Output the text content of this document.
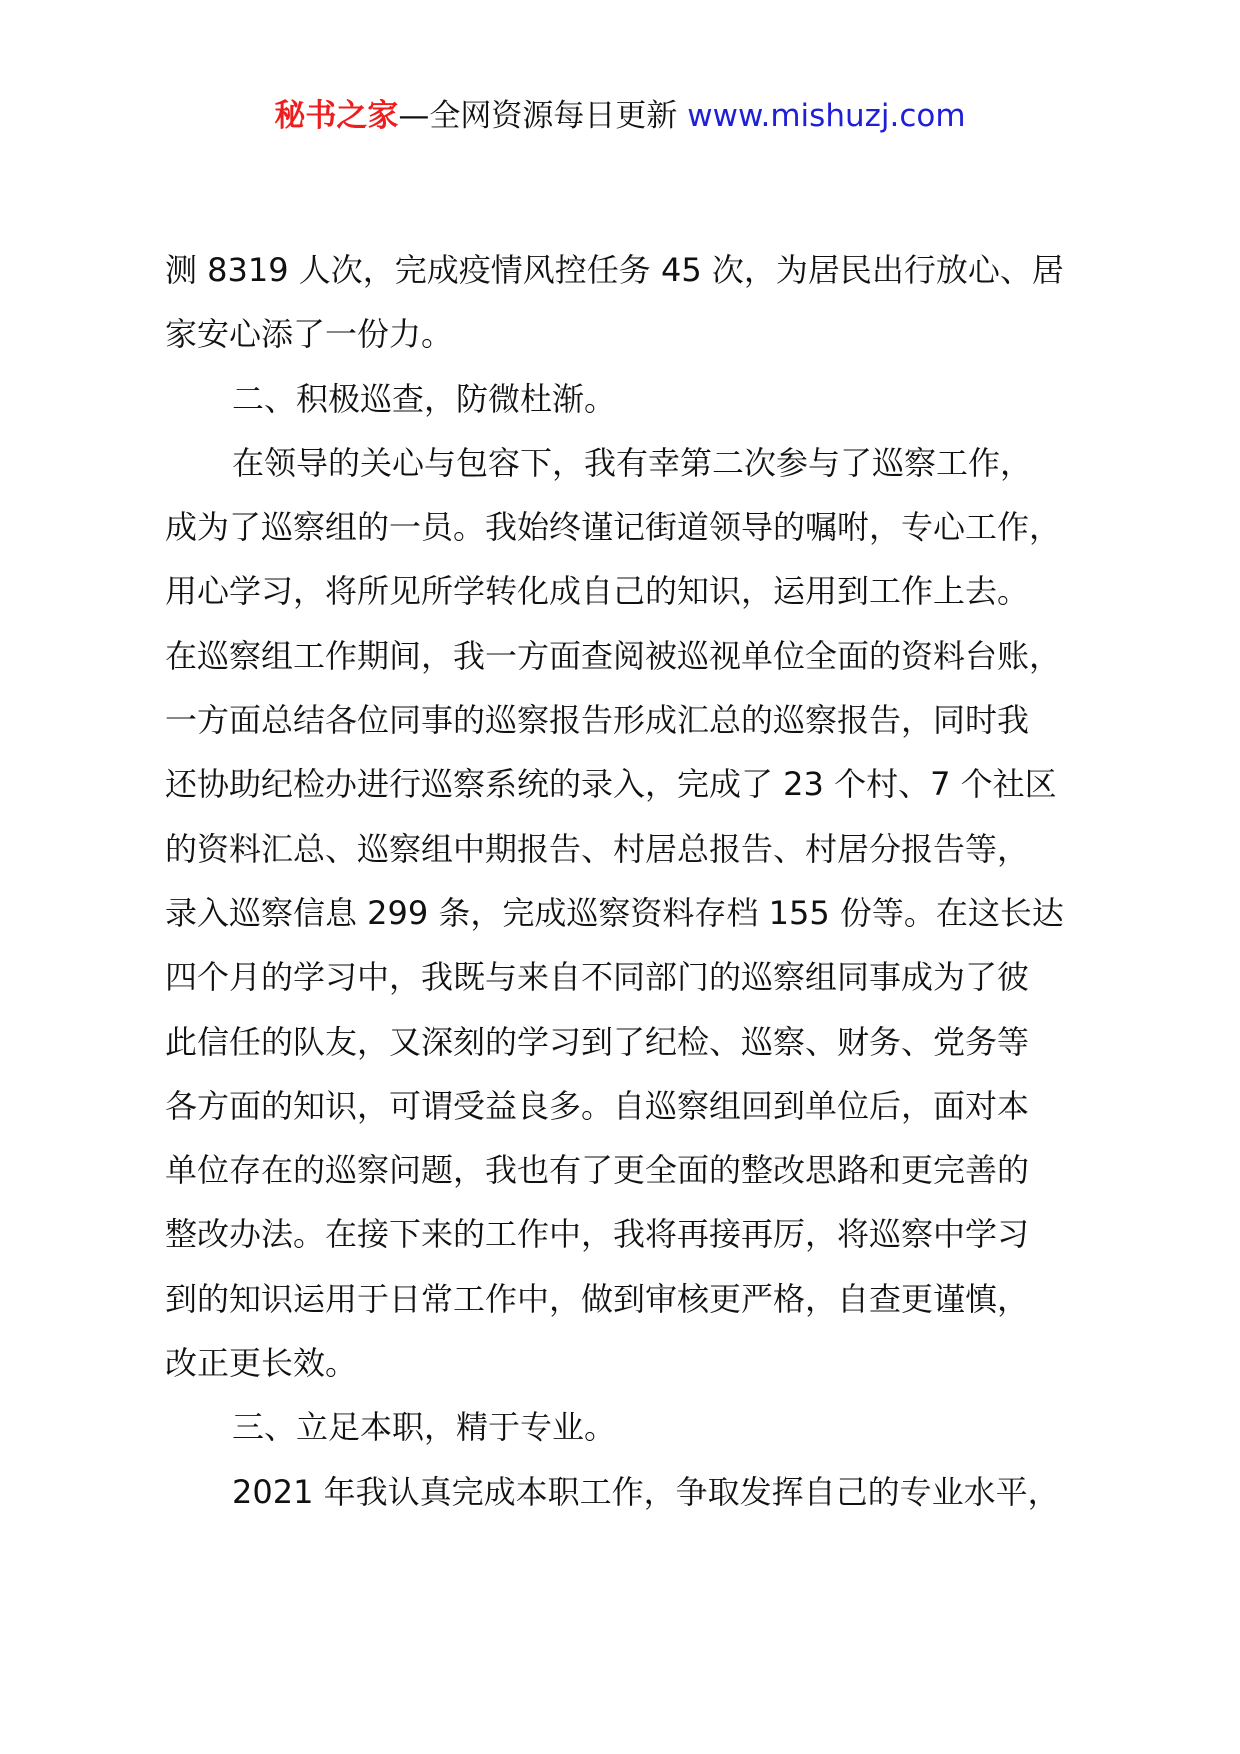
秘书之家—全网资源每日更新 www.mishuzj.com
测 8319 人次，完成疫情风控任务 45 次，为居民出行放心、居
家安心添了一份力。
二、积极巡查，防微杜渐。
在领导的关心与包容下，我有幸第二次参与了巡察工作，
成为了巡察组的一员。我始终谨记街道领导的嘱咐，专心工作，
用心学习，将所见所学转化成自己的知识，运用到工作上去。
在巡察组工作期间，我一方面查阅被巡视单位全面的资料台账，
一方面总结各位同事的巡察报告形成汇总的巡察报告，同时我
还协助纪检办进行巡察系统的录入，完成了 23 个村、7 个社区
的资料汇总、巡察组中期报告、村居总报告、村居分报告等，
录入巡察信息 299 条，完成巡察资料存档 155 份等。在这长达
四个月的学习中，我既与来自不同部门的巡察组同事成为了彼
此信任的队友，又深刻的学习到了纪检、巡察、财务、党务等
各方面的知识，可谓受益良多。自巡察组回到单位后，面对本
单位存在的巡察问题，我也有了更全面的整改思路和更完善的
整改办法。在接下来的工作中，我将再接再厉，将巡察中学习
到的知识运用于日常工作中，做到审核更严格，自查更谨慎，
改正更长效。
三、立足本职，精于专业。
2021 年我认真完成本职工作，争取发挥自己的专业水平，
